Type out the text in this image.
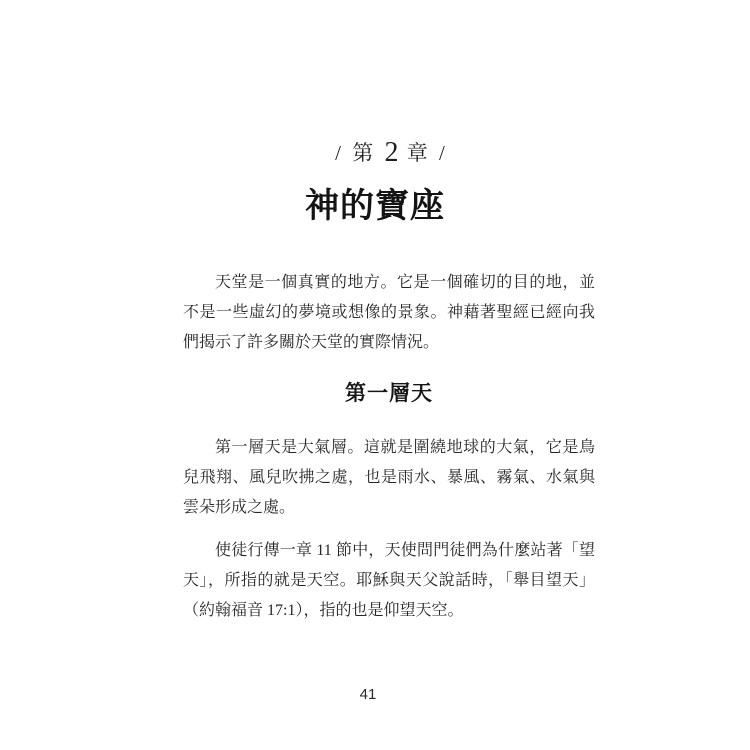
/ 第 2 章 /

神的寶座

天堂是一個真實的地方。它是一個確切的目的地，並不是一些虛幻的夢境或想像的景象。神藉著聖經已經向我們揭示了許多關於天堂的實際情況。

第一層天

第一層天是大氣層。這就是圍繞地球的大氣，它是鳥兒飛翔、風兒吹拂之處，也是雨水、暴風、霧氣、水氣與雲朵形成之處。

使徒行傳一章 11 節中，天使問門徒們為什麼站著「望天」，所指的就是天空。耶穌與天父說話時，「舉目望天」（約翰福音 17:1），指的也是仰望天空。

41
